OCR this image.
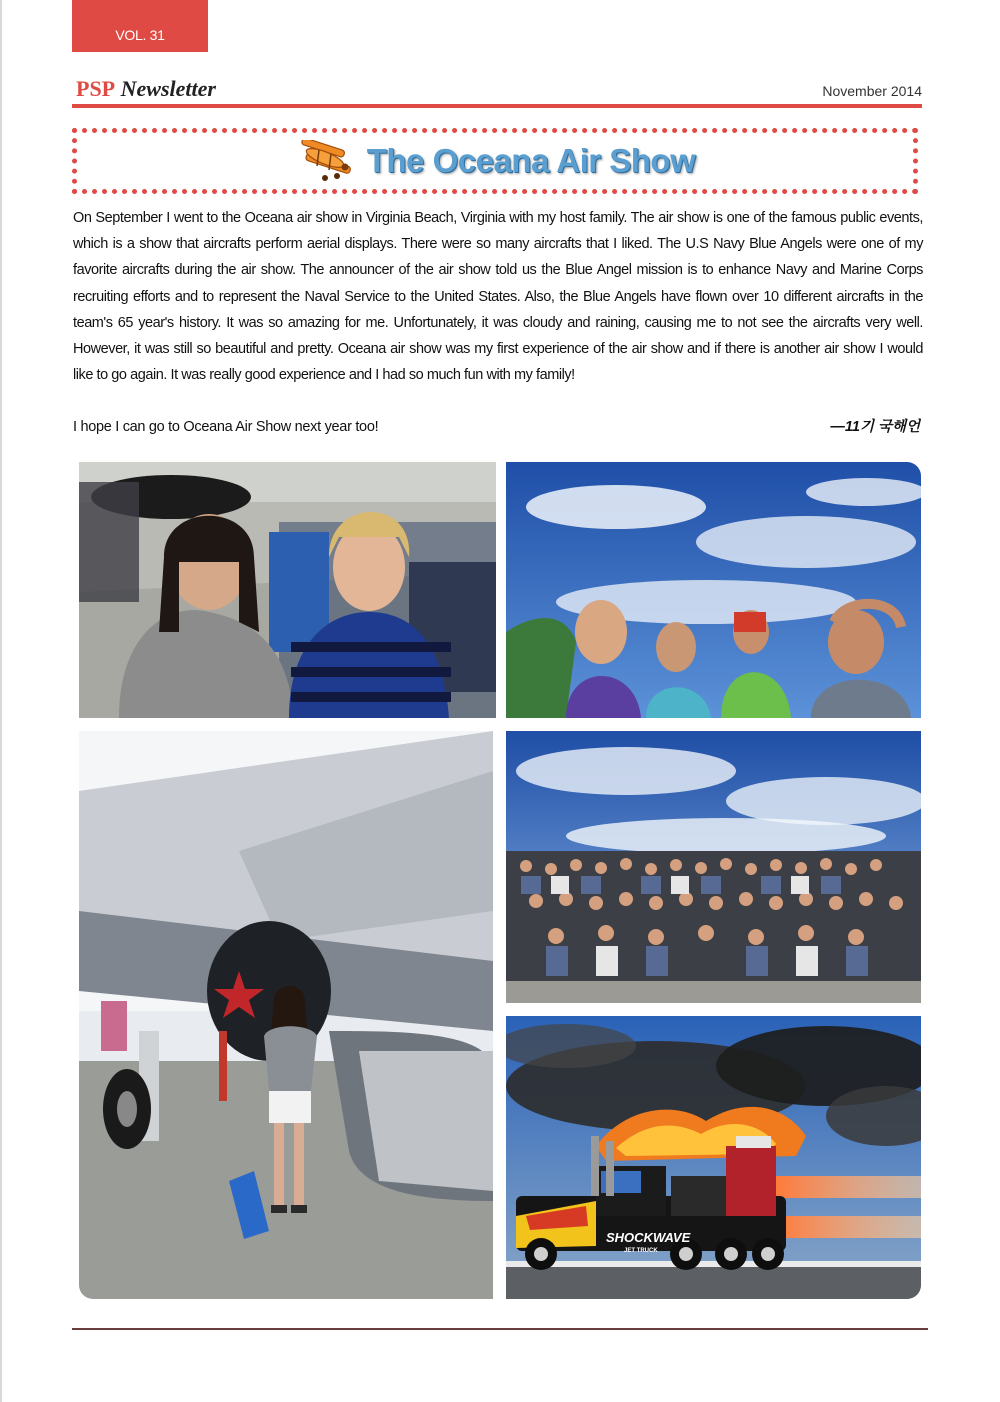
VOL. 31
PSP Newsletter	November 2014
The Oceana Air Show

On September I went to the Oceana air show in Virginia Beach, Virginia with my host family. The air show is one of the famous public events, which is a show that aircrafts perform aerial displays. There were so many aircrafts that I liked. The U.S Navy Blue Angels were one of my favorite aircrafts during the air show. The announcer of the air show told us the Blue Angel mission is to enhance Navy and Marine Corps recruiting efforts and to represent the Naval Service to the United States. Also, the Blue Angels have flown over 10 different aircrafts in the team's 65 year's history. It was so amazing for me. Unfortunately, it was cloudy and raining, causing me to not see the aircrafts very well. However, it was still so beautiful and pretty. Oceana air show was my first experience of the air show and if there is another air show I would like to go again. It was really good experience and I had so much fun with my family!

I hope I can go to Oceana Air Show next year too!	—11기 국해언
SHOCKWAVE
JET TRUCK
